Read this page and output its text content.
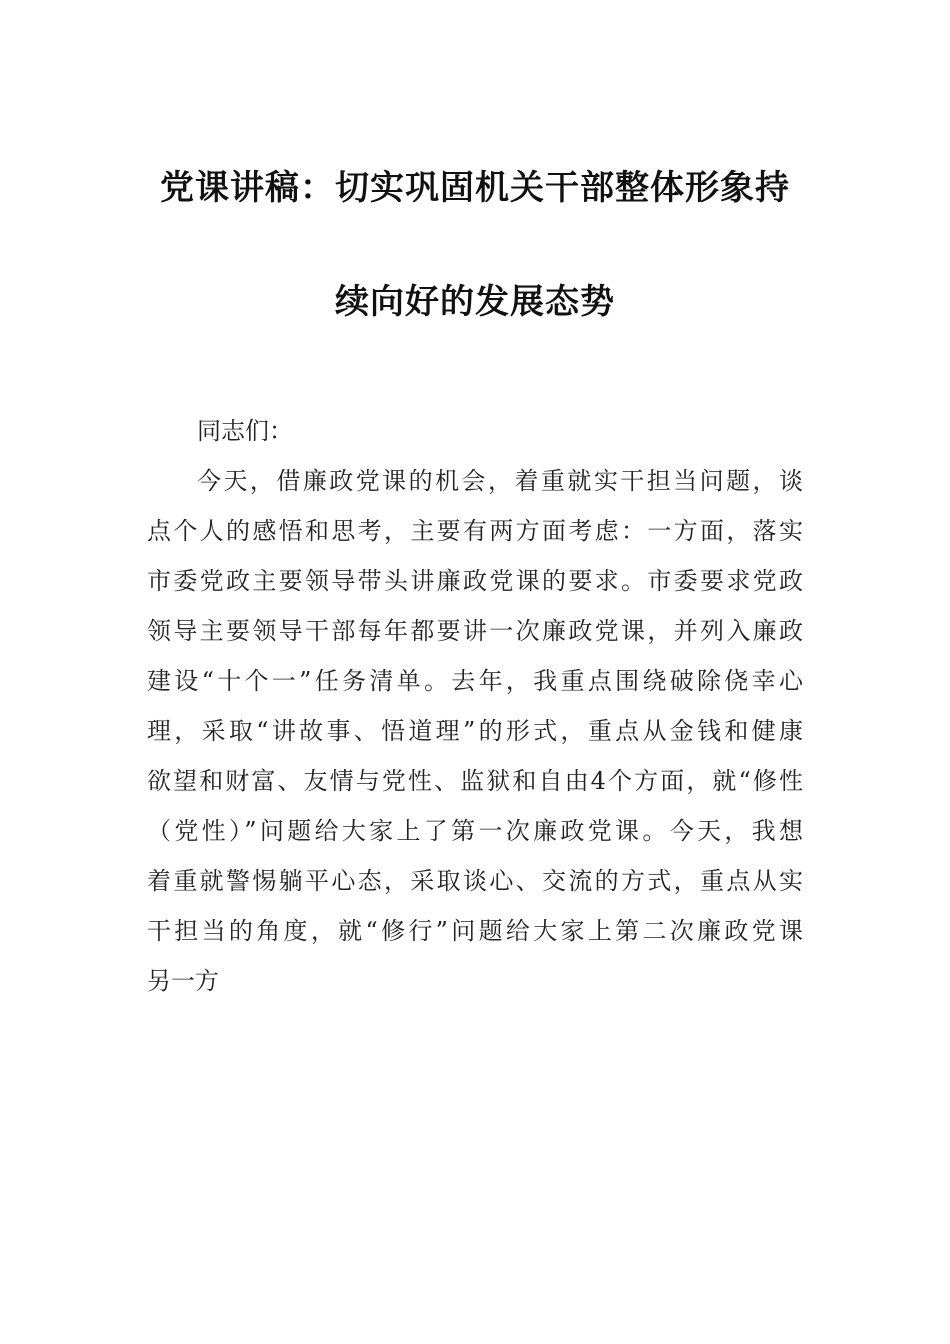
党课讲稿：切实巩固机关干部整体形象持
续向好的发展态势
同志们：
今天，借廉政党课的机会，着重就实干担当问题，谈
点个人的感悟和思考，主要有两方面考虑：一方面，落实
市委党政主要领导带头讲廉政党课的要求。市委要求党政
领导主要领导干部每年都要讲一次廉政党课，并列入廉政
建设“十个一”任务清单。去年，我重点围绕破除侥幸心
理，采取“讲故事、悟道理”的形式，重点从金钱和健康
欲望和财富、友情与党性、监狱和自由4个方面，就“修性
（党性）”问题给大家上了第一次廉政党课。今天，我想
着重就警惕躺平心态，采取谈心、交流的方式，重点从实
干担当的角度，就“修行”问题给大家上第二次廉政党课
另一方
